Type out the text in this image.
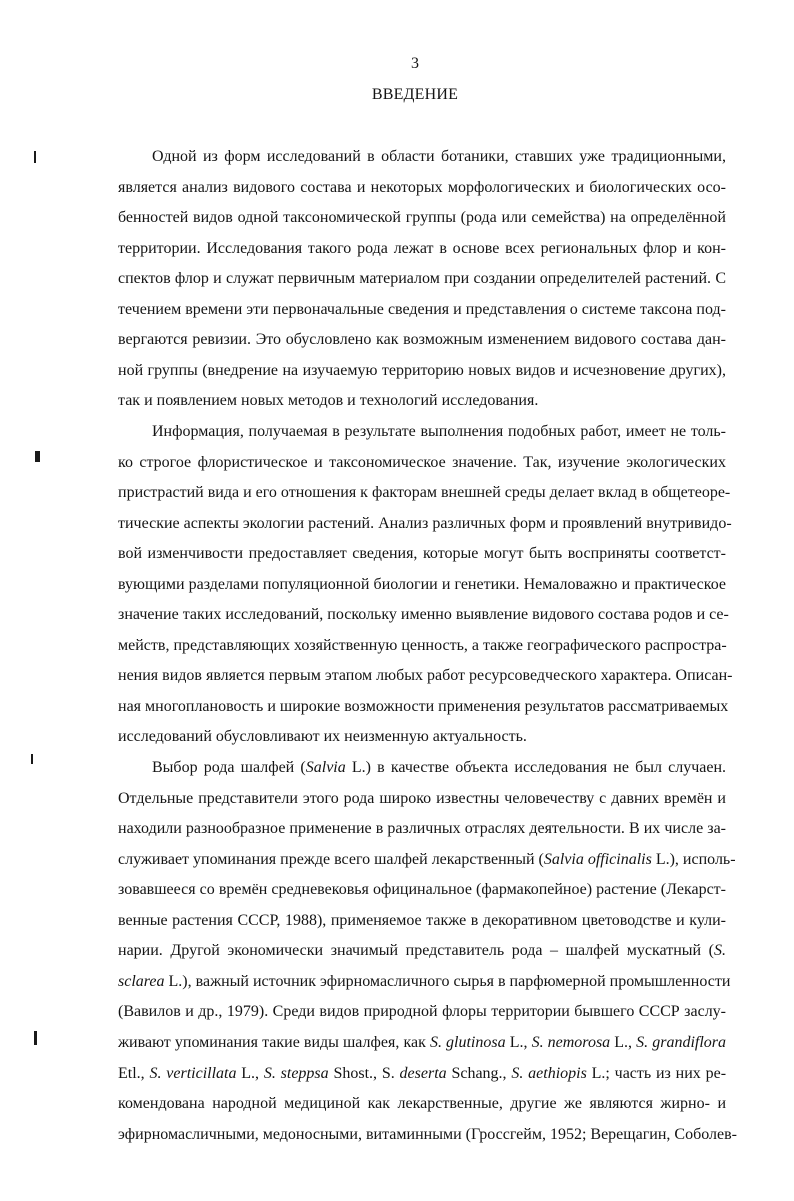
3
ВВЕДЕНИЕ
Одной из форм исследований в области ботаники, ставших уже традиционными,
является анализ видового состава и некоторых морфологических и биологических осо-
бенностей видов одной таксономической группы (рода или семейства) на определённой
территории. Исследования такого рода лежат в основе всех региональных флор и кон-
спектов флор и служат первичным материалом при создании определителей растений. С
течением времени эти первоначальные сведения и представления о системе таксона под-
вергаются ревизии. Это обусловлено как возможным изменением видового состава дан-
ной группы (внедрение на изучаемую территорию новых видов и исчезновение других),
так и появлением новых методов и технологий исследования.
Информация, получаемая в результате выполнения подобных работ, имеет не толь-
ко строгое флористическое и таксономическое значение. Так, изучение экологических
пристрастий вида и его отношения к факторам внешней среды делает вклад в общетеоре-
тические аспекты экологии растений. Анализ различных форм и проявлений внутривидо-
вой изменчивости предоставляет сведения, которые могут быть восприняты соответст-
вующими разделами популяционной биологии и генетики. Немаловажно и практическое
значение таких исследований, поскольку именно выявление видового состава родов и се-
мейств, представляющих хозяйственную ценность, а также географического распростра-
нения видов является первым этапом любых работ ресурсоведческого характера. Описан-
ная многоплановость и широкие возможности применения результатов рассматриваемых
исследований обусловливают их неизменную актуальность.
Выбор рода шалфей (Salvia L.) в качестве объекта исследования не был случаен.
Отдельные представители этого рода широко известны человечеству с давних времён и
находили разнообразное применение в различных отраслях деятельности. В их числе за-
служивает упоминания прежде всего шалфей лекарственный (Salvia officinalis L.), исполь-
зовавшееся со времён средневековья официнальное (фармакопейное) растение (Лекарст-
венные растения СССР, 1988), применяемое также в декоративном цветоводстве и кули-
нарии. Другой экономически значимый представитель рода – шалфей мускатный (S.
sclarea L.), важный источник эфирномасличного сырья в парфюмерной промышленности
(Вавилов и др., 1979). Среди видов природной флоры территории бывшего СССР заслу-
живают упоминания такие виды шалфея, как S. glutinosa L., S. nemorosa L., S. grandiflora
Etl., S. verticillata L., S. steppsa Shost., S. deserta Schang., S. aethiopis L.; часть из них ре-
комендована народной медициной как лекарственные, другие же являются жирно- и
эфирномасличными, медоносными, витаминными (Гроссгейм, 1952; Верещагин, Соболев-
